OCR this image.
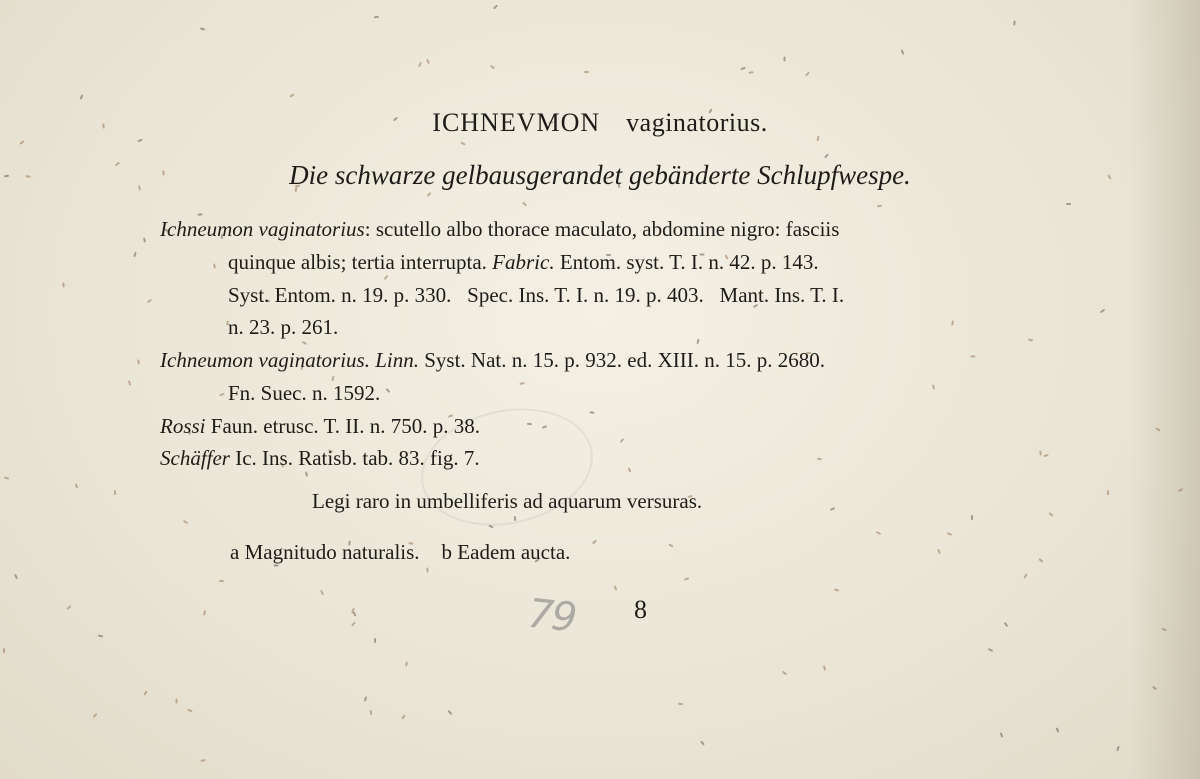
ICHNEVMON vaginatorius.
Die schwarze gelbausgerandet gebänderte Schlupfwespe.
Ichneumon vaginatorius: scutello albo thorace maculato, abdomine nigro: fasciis
quinque albis; tertia interrupta. Fabric. Entom. syst. T. I. n. 42. p. 143.
Syst. Entom. n. 19. p. 330.   Spec. Ins. T. I. n. 19. p. 403.   Mant. Ins. T. I.
n. 23. p. 261.
Ichneumon vaginatorius. Linn. Syst. Nat. n. 15. p. 932. ed. XIII. n. 15. p. 2680.
Fn. Suec. n. 1592.
Rossi Faun. etrusc. T. II. n. 750. p. 38.
Schäffer Ic. Ins. Ratisb. tab. 83. fig. 7.
Legi raro in umbelliferis ad aquarum versuras.
a Magnitudo naturalis. b Eadem aucta.
79 8
